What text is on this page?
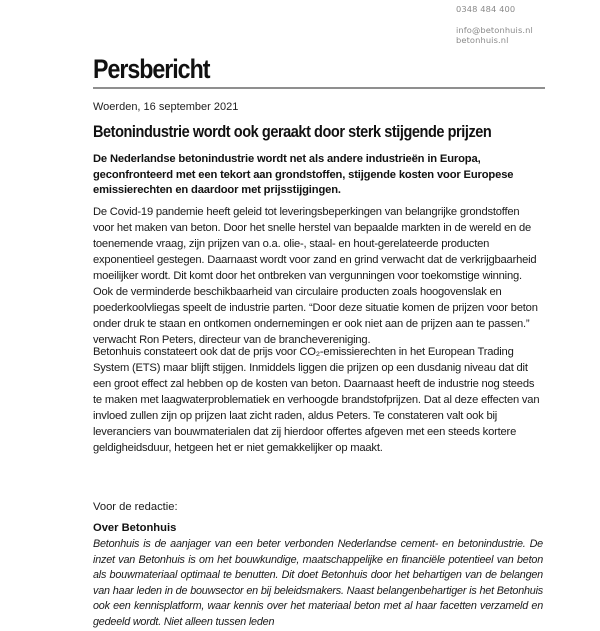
0348 484 400
info@betonhuis.nl
betonhuis.nl
Persbericht
Woerden, 16 september 2021
Betonindustrie wordt ook geraakt door sterk stijgende prijzen

De Nederlandse betonindustrie wordt net als andere industrieën in Europa, geconfronteerd met een tekort aan grondstoffen, stijgende kosten voor Europese emissierechten en daardoor met prijsstijgingen.

De Covid-19 pandemie heeft geleid tot leveringsbeperkingen van belangrijke grondstoffen voor het maken van beton. Door het snelle herstel van bepaalde markten in de wereld en de toenemende vraag, zijn prijzen van o.a. olie-, staal- en hout-gerelateerde producten exponentieel gestegen. Daarnaast wordt voor zand en grind verwacht dat de verkrijgbaarheid moeilijker wordt. Dit komt door het ontbreken van vergunningen voor toekomstige winning. Ook de verminderde beschikbaarheid van circulaire producten zoals hoogovenslak en poederkoolvliegas speelt de industrie parten. “Door deze situatie komen de prijzen voor beton onder druk te staan en ontkomen ondernemingen er ook niet aan de prijzen aan te passen.” verwacht Ron Peters, directeur van de branchevereniging.

Betonhuis constateert ook dat de prijs voor CO₂-emissierechten in het European Trading System (ETS) maar blijft stijgen. Inmiddels liggen die prijzen op een dusdanig niveau dat dit een groot effect zal hebben op de kosten van beton. Daarnaast heeft de industrie nog steeds te maken met laagwaterproblematiek en verhoogde brandstofprijzen. Dat al deze effecten van invloed zullen zijn op prijzen laat zicht raden, aldus Peters. Te constateren valt ook bij leveranciers van bouwmaterialen dat zij hierdoor offertes afgeven met een steeds kortere geldigheidsduur, hetgeen het er niet gemakkelijker op maakt.

Voor de redactie:
Over Betonhuis

Betonhuis is de aanjager van een beter verbonden Nederlandse cement- en betonindustrie. De inzet van Betonhuis is om het bouwkundige, maatschappelijke en financiële potentieel van beton als bouwmateriaal optimaal te benutten. Dit doet Betonhuis door het behartigen van de belangen van haar leden in de bouwsector en bij beleidsmakers. Naast belangenbehartiger is het Betonhuis ook een kennisplatform, waar kennis over het materiaal beton met al haar facetten verzameld en gedeeld wordt. Niet alleen tussen leden
